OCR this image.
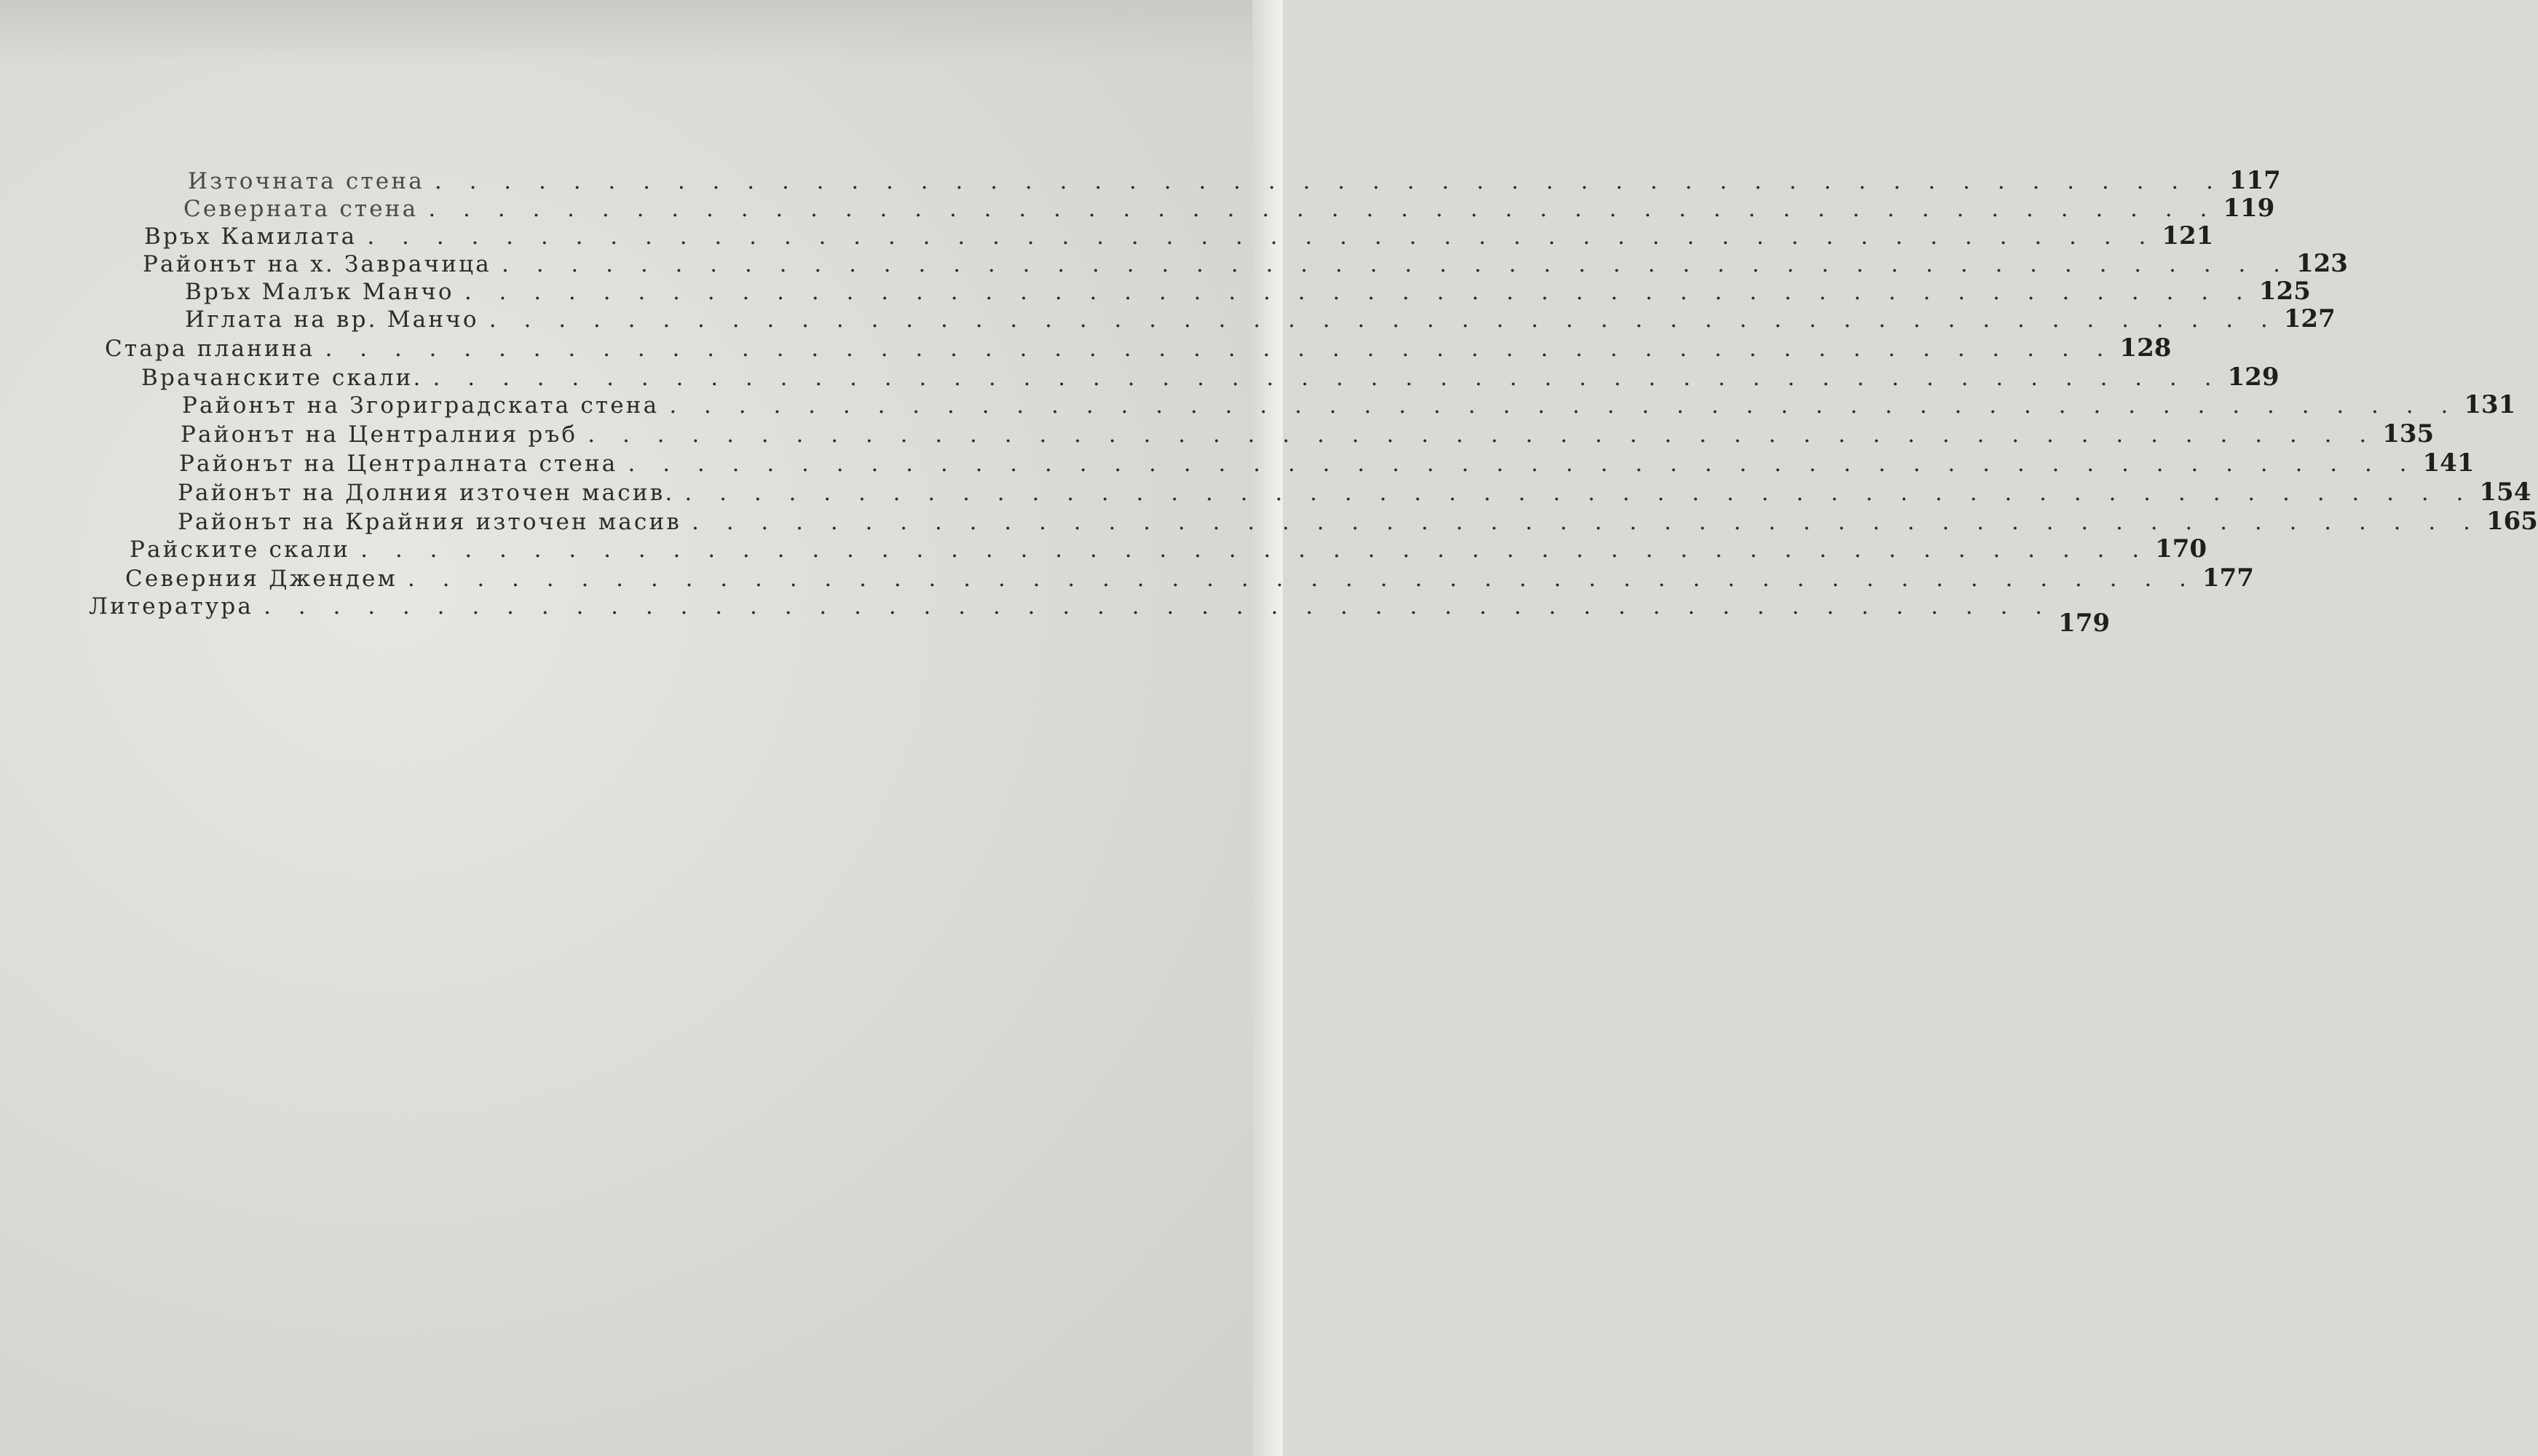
Източната стена . . . . . . . . . . . . . . . . . . . . . . . . . . . . . . . . . . . . . . . . . . . . . . . . . . . . 117
Северната стена . . . . . . . . . . . . . . . . . . . . . . . . . . . . . . . . . . . . . . . . . . . . . . . . . . . . 119
Връх Камилата . . . . . . . . . . . . . . . . . . . . . . . . . . . . . . . . . . . . . . . . . . . . . . . . . . . . 121
Районът на х. Заврачица . . . . . . . . . . . . . . . . . . . . . . . . . . . . . . . . . . . . . . . . . . . . . . . . . . . . 123
Връх Малък Манчо . . . . . . . . . . . . . . . . . . . . . . . . . . . . . . . . . . . . . . . . . . . . . . . . . . . . 125
Иглата на вр. Манчо . . . . . . . . . . . . . . . . . . . . . . . . . . . . . . . . . . . . . . . . . . . . . . . . . . . . 127
Стара планина . . . . . . . . . . . . . . . . . . . . . . . . . . . . . . . . . . . . . . . . . . . . . . . . . . . . 128
Врачанските скали. . . . . . . . . . . . . . . . . . . . . . . . . . . . . . . . . . . . . . . . . . . . . . . . . . . . . 129
Районът на Згориградската стена . . . . . . . . . . . . . . . . . . . . . . . . . . . . . . . . . . . . . . . . . . . . . . . . . . . . 131
Районът на Централния ръб . . . . . . . . . . . . . . . . . . . . . . . . . . . . . . . . . . . . . . . . . . . . . . . . . . . . 135
Районът на Централната стена . . . . . . . . . . . . . . . . . . . . . . . . . . . . . . . . . . . . . . . . . . . . . . . . . . . . 141
Районът на Долния източен масив. . . . . . . . . . . . . . . . . . . . . . . . . . . . . . . . . . . . . . . . . . . . . . . . . . . . . 154
Районът на Крайния източен масив . . . . . . . . . . . . . . . . . . . . . . . . . . . . . . . . . . . . . . . . . . . . . . . . . . . . 165
Райските скали . . . . . . . . . . . . . . . . . . . . . . . . . . . . . . . . . . . . . . . . . . . . . . . . . . . . 170
Северния Джендем . . . . . . . . . . . . . . . . . . . . . . . . . . . . . . . . . . . . . . . . . . . . . . . . . . . . 177
Литература . . . . . . . . . . . . . . . . . . . . . . . . . . . . . . . . . . . . . . . . . . . . . . . . . . . .
179
